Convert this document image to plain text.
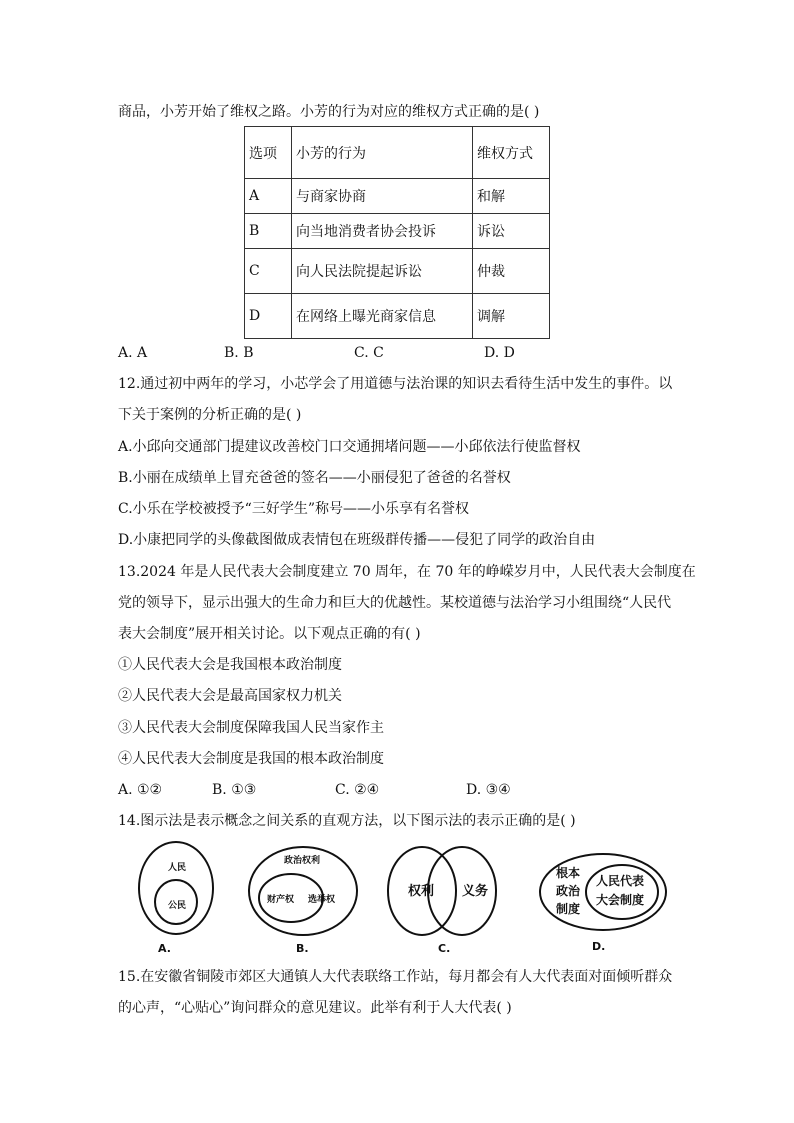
商品，小芳开始了维权之路。小芳的行为对应的维权方式正确的是( )
选项	小芳的行为	维权方式
A	与商家协商	和解
B	向当地消费者协会投诉	诉讼
C	向人民法院提起诉讼	仲裁
D	在网络上曝光商家信息	调解
A. A	B. B	C. C	D. D
12.通过初中两年的学习，小芯学会了用道德与法治课的知识去看待生活中发生的事件。以
下关于案例的分析正确的是( )
A.小邱向交通部门提建议改善校门口交通拥堵问题——小邱依法行使监督权
B.小丽在成绩单上冒充爸爸的签名——小丽侵犯了爸爸的名誉权
C.小乐在学校被授予“三好学生”称号——小乐享有名誉权
D.小康把同学的头像截图做成表情包在班级群传播——侵犯了同学的政治自由
13.2024 年是人民代表大会制度建立 70 周年，在 70 年的峥嵘岁月中，人民代表大会制度在
党的领导下，显示出强大的生命力和巨大的优越性。某校道德与法治学习小组围绕“人民代
表大会制度”展开相关讨论。以下观点正确的有( )
①人民代表大会是我国根本政治制度
②人民代表大会是最高国家权力机关
③人民代表大会制度保障我国人民当家作主
④人民代表大会制度是我国的根本政治制度
A. ①②	B. ①③	C. ②④	D. ③④
14.图示法是表示概念之间关系的直观方法，以下图示法的表示正确的是( )
人民
公民
A.
政治权利
财产权 选举权
B.
权利 义务
C.
根本
政治
制度
人民代表
大会制度
D.
15.在安徽省铜陵市郊区大通镇人大代表联络工作站，每月都会有人大代表面对面倾听群众
的心声，“心贴心”询问群众的意见建议。此举有利于人大代表( )
